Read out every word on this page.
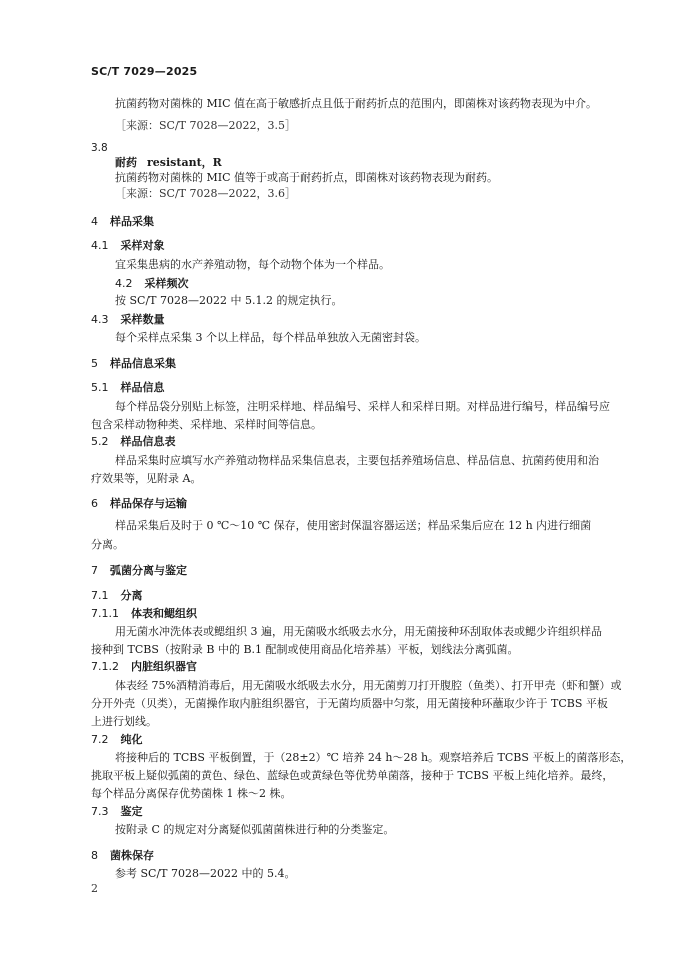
SC/T 7029—2025
抗菌药物对菌株的 MIC 值在高于敏感折点且低于耐药折点的范围内，即菌株对该药物表现为中介。
［来源：SC/T 7028—2022，3.5］
3.8
耐药 resistant，R
抗菌药物对菌株的 MIC 值等于或高于耐药折点，即菌株对该药物表现为耐药。
［来源：SC/T 7028—2022，3.6］
4 样品采集
4.1 采样对象
宜采集患病的水产养殖动物，每个动物个体为一个样品。
4.2 采样频次
按 SC/T 7028—2022 中 5.1.2 的规定执行。
4.3 采样数量
每个采样点采集 3 个以上样品，每个样品单独放入无菌密封袋。
5 样品信息采集
5.1 样品信息
每个样品袋分别贴上标签，注明采样地、样品编号、采样人和采样日期。对样品进行编号，样品编号应
包含采样动物种类、采样地、采样时间等信息。
5.2 样品信息表
样品采集时应填写水产养殖动物样品采集信息表，主要包括养殖场信息、样品信息、抗菌药使用和治
疗效果等，见附录 A。
6 样品保存与运输
样品采集后及时于 0 ℃～10 ℃ 保存，使用密封保温容器运送；样品采集后应在 12 h 内进行细菌
分离。
7 弧菌分离与鉴定
7.1 分离
7.1.1 体表和鳃组织
用无菌水冲洗体表或鳃组织 3 遍，用无菌吸水纸吸去水分，用无菌接种环刮取体表或鳃少许组织样品
接种到 TCBS（按附录 B 中的 B.1 配制或使用商品化培养基）平板，划线法分离弧菌。
7.1.2 内脏组织器官
体表经 75%酒精消毒后，用无菌吸水纸吸去水分，用无菌剪刀打开腹腔（鱼类）、打开甲壳（虾和蟹）或
分开外壳（贝类），无菌操作取内脏组织器官，于无菌均质器中匀浆，用无菌接种环蘸取少许于 TCBS 平板
上进行划线。
7.2 纯化
将接种后的 TCBS 平板倒置，于（28±2）℃ 培养 24 h～28 h。观察培养后 TCBS 平板上的菌落形态，
挑取平板上疑似弧菌的黄色、绿色、蓝绿色或黄绿色等优势单菌落，接种于 TCBS 平板上纯化培养。最终，
每个样品分离保存优势菌株 1 株～2 株。
7.3 鉴定
按附录 C 的规定对分离疑似弧菌菌株进行种的分类鉴定。
8 菌株保存
参考 SC/T 7028—2022 中的 5.4。
2
